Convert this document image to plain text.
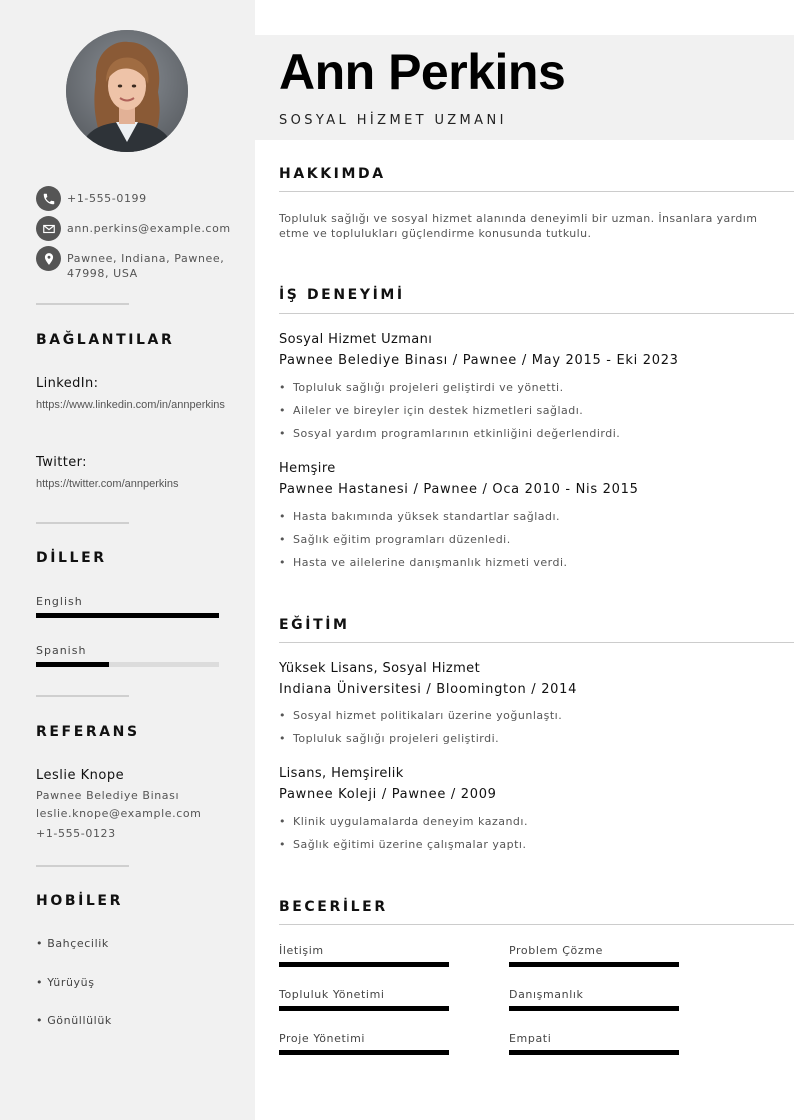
+1-555-0199
ann.perkins@example.com
Pawnee, Indiana, Pawnee, 47998, USA
BAĞLANTILAR
LinkedIn:
https://www.linkedin.com/in/annperkins
Twitter:
https://twitter.com/annperkins
DİLLER
English
Spanish
REFERANS
Leslie Knope
Pawnee Belediye Binası
leslie.knope@example.com
+1-555-0123
HOBİLER
• Bahçecilik
• Yürüyüş
• Gönüllülük
Ann Perkins
SOSYAL HİZMET UZMANI
HAKKIMDA
Topluluk sağlığı ve sosyal hizmet alanında deneyimli bir uzman. İnsanlara yardım etme ve toplulukları güçlendirme konusunda tutkulu.
İŞ DENEYİMİ
Sosyal Hizmet Uzmanı
Pawnee Belediye Binası / Pawnee / May 2015 - Eki 2023
• Topluluk sağlığı projeleri geliştirdi ve yönetti.
• Aileler ve bireyler için destek hizmetleri sağladı.
• Sosyal yardım programlarının etkinliğini değerlendirdi.
Hemşire
Pawnee Hastanesi / Pawnee / Oca 2010 - Nis 2015
• Hasta bakımında yüksek standartlar sağladı.
• Sağlık eğitim programları düzenledi.
• Hasta ve ailelerine danışmanlık hizmeti verdi.
EĞİTİM
Yüksek Lisans, Sosyal Hizmet
Indiana Üniversitesi / Bloomington / 2014
• Sosyal hizmet politikaları üzerine yoğunlaştı.
• Topluluk sağlığı projeleri geliştirdi.
Lisans, Hemşirelik
Pawnee Koleji / Pawnee / 2009
• Klinik uygulamalarda deneyim kazandı.
• Sağlık eğitimi üzerine çalışmalar yaptı.
BECERİLER
İletişim	Problem Çözme
Topluluk Yönetimi	Danışmanlık
Proje Yönetimi	Empati
